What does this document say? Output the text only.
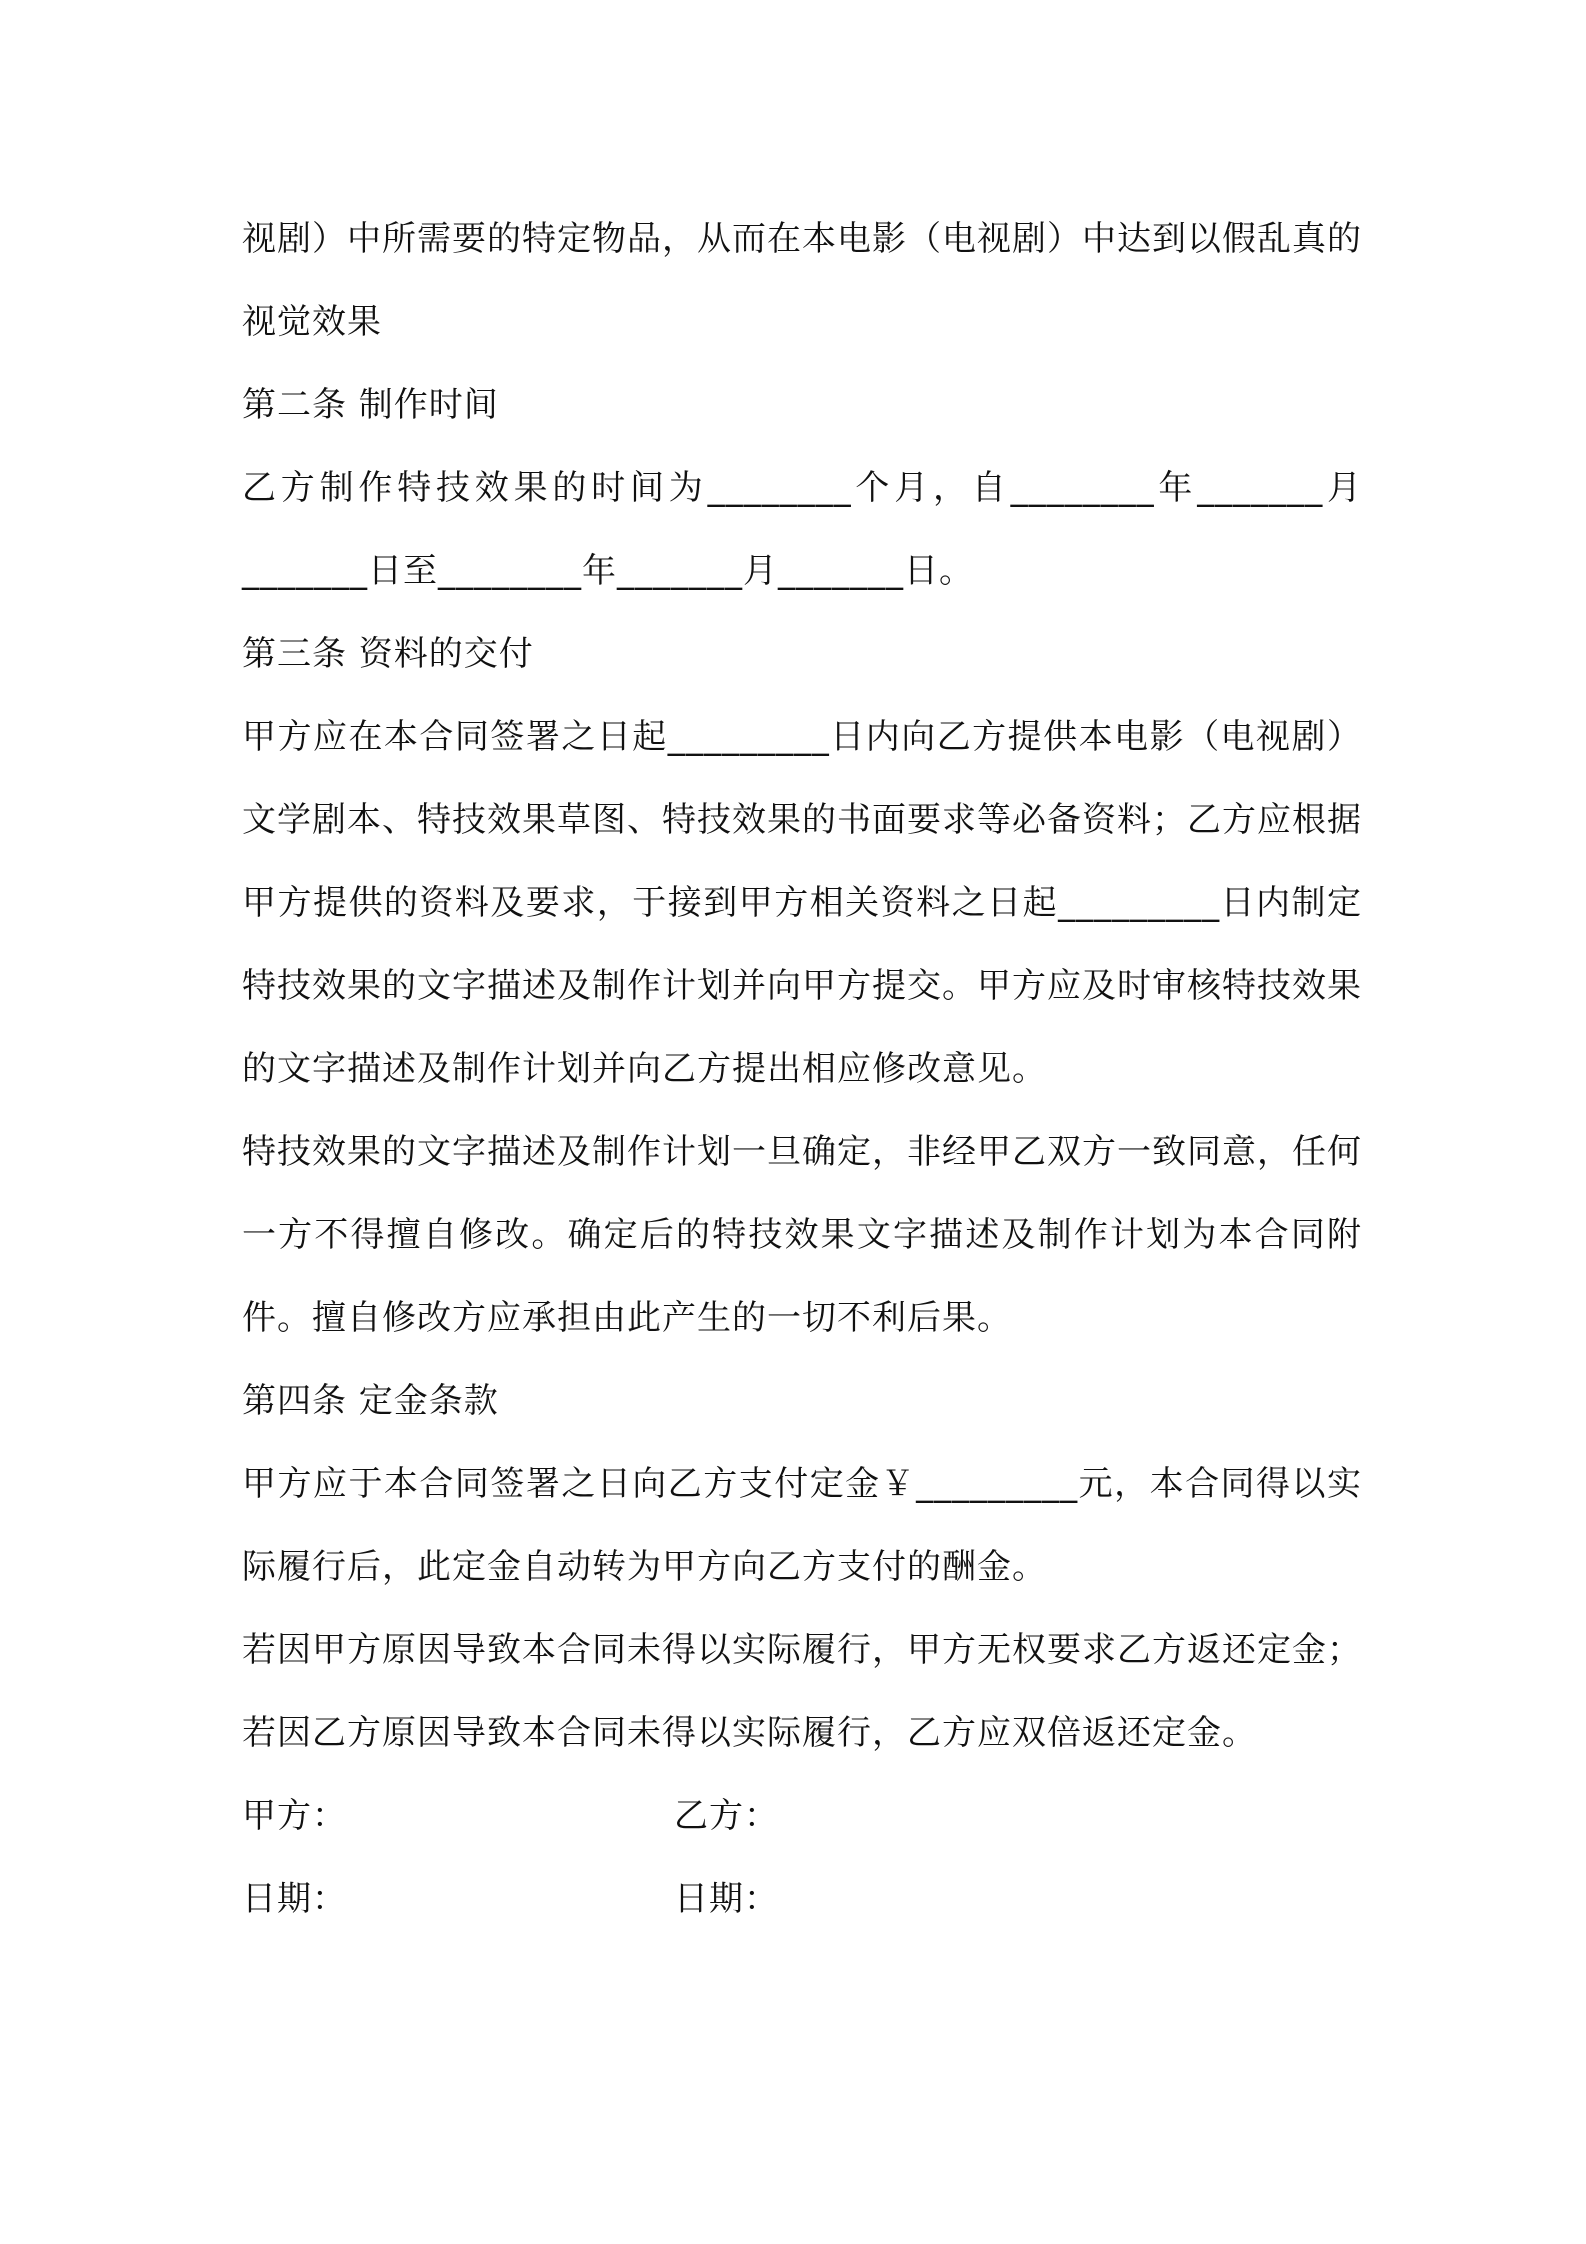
视剧）中所需要的特定物品，从而在本电影（电视剧）中达到以假乱真的视觉效果

第二条 制作时间

乙方制作特技效果的时间为________个月，自________年_______月_______日至________年_______月_______日。

第三条 资料的交付

甲方应在本合同签署之日起_________日内向乙方提供本电影（电视剧）文学剧本、特技效果草图、特技效果的书面要求等必备资料；乙方应根据甲方提供的资料及要求，于接到甲方相关资料之日起_________日内制定特技效果的文字描述及制作计划并向甲方提交。甲方应及时审核特技效果的文字描述及制作计划并向乙方提出相应修改意见。

特技效果的文字描述及制作计划一旦确定，非经甲乙双方一致同意，任何一方不得擅自修改。确定后的特技效果文字描述及制作计划为本合同附件。擅自修改方应承担由此产生的一切不利后果。

第四条 定金条款

甲方应于本合同签署之日向乙方支付定金￥_________元，本合同得以实际履行后，此定金自动转为甲方向乙方支付的酬金。

若因甲方原因导致本合同未得以实际履行，甲方无权要求乙方返还定金；若因乙方原因导致本合同未得以实际履行，乙方应双倍返还定金。

甲方：	乙方：
日期：	日期：
